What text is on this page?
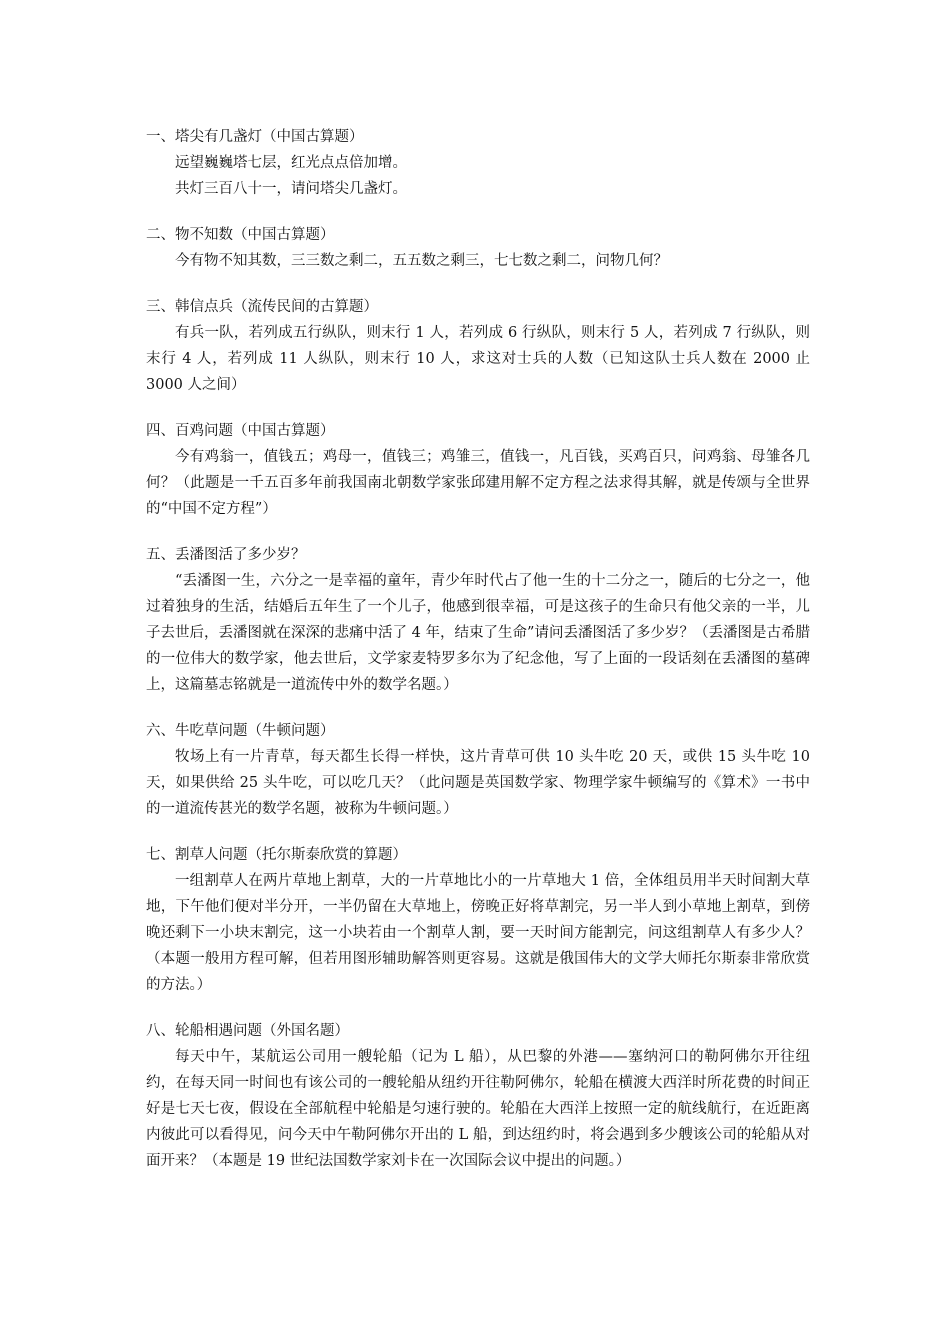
一、塔尖有几盏灯（中国古算题）
远望巍巍塔七层，红光点点倍加增。
共灯三百八十一，请问塔尖几盏灯。
二、物不知数（中国古算题）
今有物不知其数，三三数之剩二，五五数之剩三，七七数之剩二，问物几何？
三、韩信点兵（流传民间的古算题）
有兵一队，若列成五行纵队，则末行 1 人，若列成 6 行纵队，则末行 5 人，若列成 7 行纵队，则末行 4 人，若列成 11 人纵队，则末行 10 人，求这对士兵的人数（已知这队士兵人数在 2000 止 3000 人之间）
四、百鸡问题（中国古算题）
今有鸡翁一，值钱五；鸡母一，值钱三；鸡雏三，值钱一，凡百钱，买鸡百只，问鸡翁、母雏各几何？（此题是一千五百多年前我国南北朝数学家张邱建用解不定方程之法求得其解，就是传颂与全世界的“中国不定方程”）
五、丢潘图活了多少岁？
“丢潘图一生，六分之一是幸福的童年，青少年时代占了他一生的十二分之一，随后的七分之一，他过着独身的生活，结婚后五年生了一个儿子，他感到很幸福，可是这孩子的生命只有他父亲的一半，儿子去世后，丢潘图就在深深的悲痛中活了 4 年，结束了生命”请问丢潘图活了多少岁？（丢潘图是古希腊的一位伟大的数学家，他去世后，文学家麦特罗多尔为了纪念他，写了上面的一段话刻在丢潘图的墓碑上，这篇墓志铭就是一道流传中外的数学名题。）
六、牛吃草问题（牛顿问题）
牧场上有一片青草，每天都生长得一样快，这片青草可供 10 头牛吃 20 天，或供 15 头牛吃 10 天，如果供给 25 头牛吃，可以吃几天？（此问题是英国数学家、物理学家牛顿编写的《算术》一书中的一道流传甚光的数学名题，被称为牛顿问题。）
七、割草人问题（托尔斯泰欣赏的算题）
一组割草人在两片草地上割草，大的一片草地比小的一片草地大 1 倍，全体组员用半天时间割大草地，下午他们便对半分开，一半仍留在大草地上，傍晚正好将草割完，另一半人到小草地上割草，到傍晚还剩下一小块末割完，这一小块若由一个割草人割，要一天时间方能割完，问这组割草人有多少人？（本题一般用方程可解，但若用图形辅助解答则更容易。这就是俄国伟大的文学大师托尔斯泰非常欣赏的方法。）
八、轮船相遇问题（外国名题）
每天中午，某航运公司用一艘轮船（记为 L 船），从巴黎的外港——塞纳河口的勒阿佛尔开往纽约，在每天同一时间也有该公司的一艘轮船从纽约开往勒阿佛尔，轮船在横渡大西洋时所花费的时间正好是七天七夜，假设在全部航程中轮船是匀速行驶的。轮船在大西洋上按照一定的航线航行，在近距离内彼此可以看得见，问今天中午勒阿佛尔开出的 L 船，到达纽约时，将会遇到多少艘该公司的轮船从对面开来？（本题是 19 世纪法国数学家刘卡在一次国际会议中提出的问题。）
